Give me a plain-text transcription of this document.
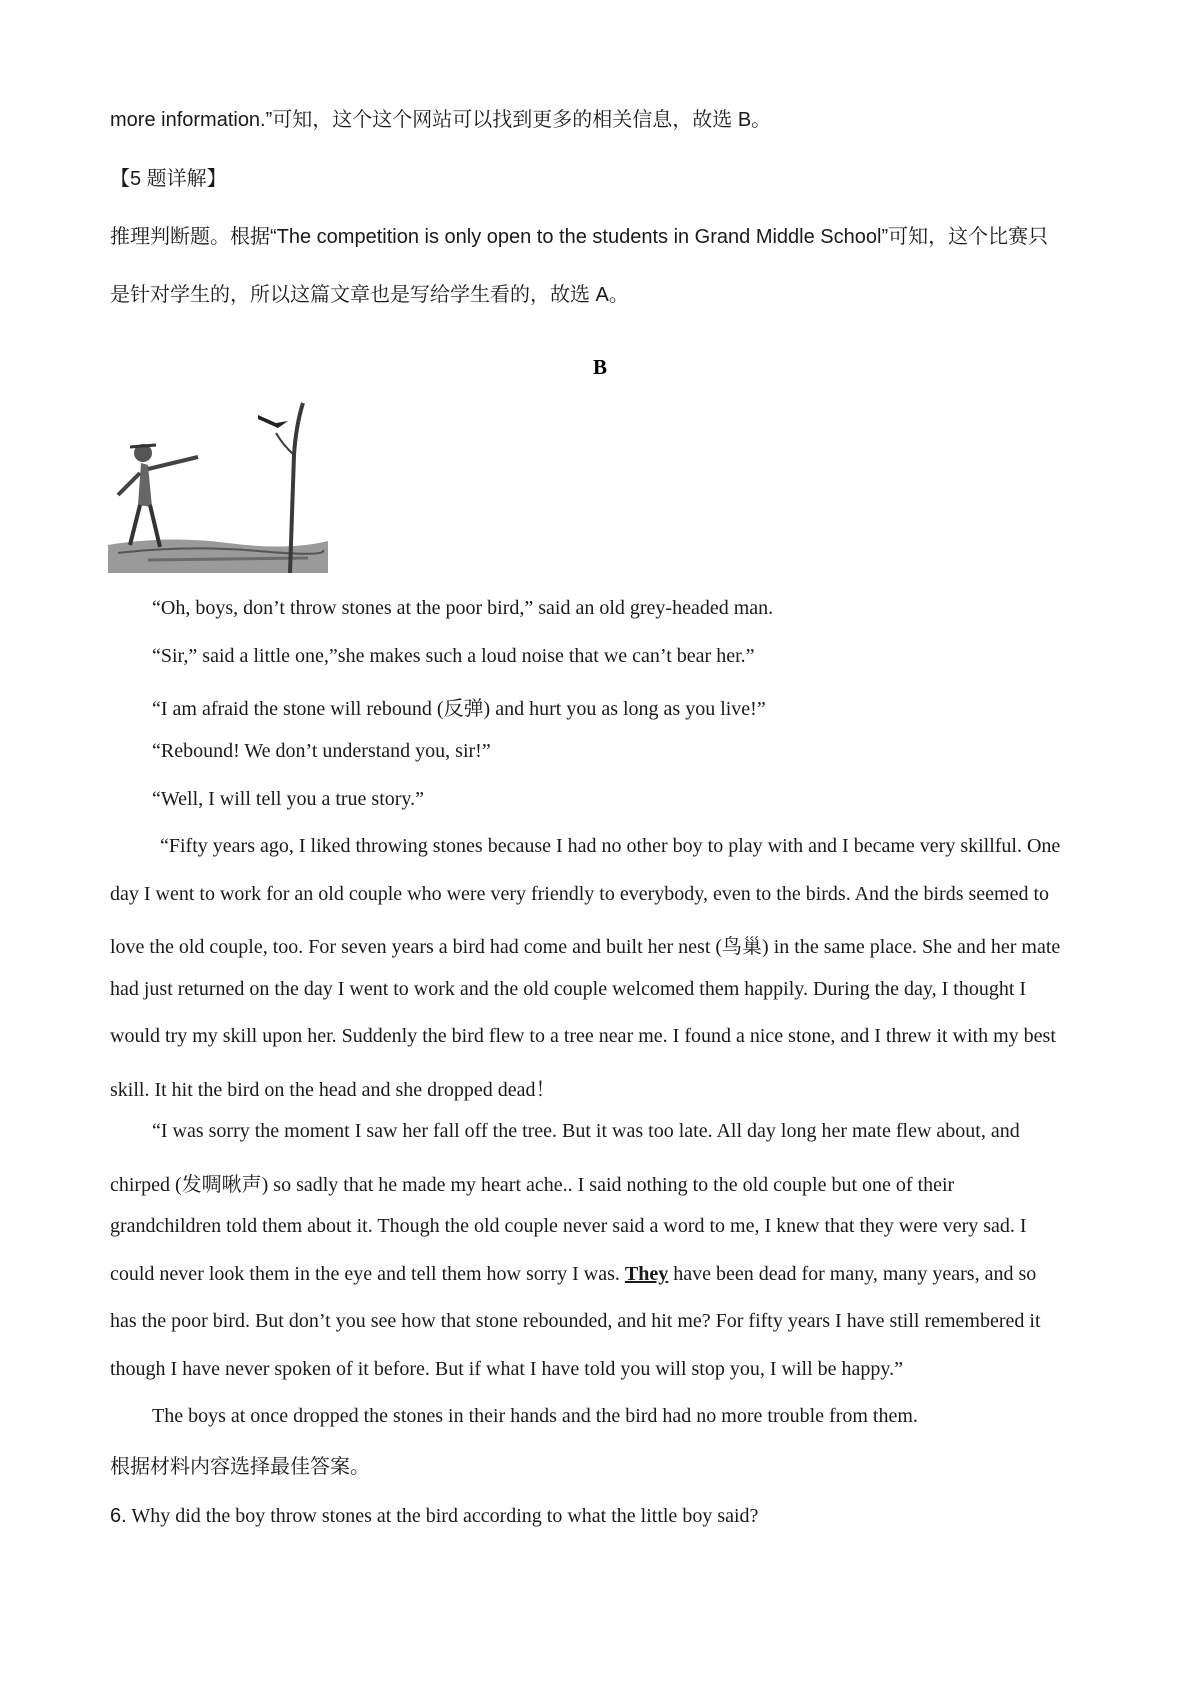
more information.”可知，这个这个网站可以找到更多的相关信息，故选 B。
【5 题详解】
推理判断题。根据“The competition is only open to the students in Grand Middle School”可知，这个比赛只
是针对学生的，所以这篇文章也是写给学生看的，故选 A。
B
“Oh, boys, don’t throw stones at the poor bird,” said an old grey-headed man.
“Sir,” said a little one,”she makes such a loud noise that we can’t bear her.”
“I am afraid the stone will rebound (反弹) and hurt you as long as you live!”
“Rebound! We don’t understand you, sir!”
“Well, I will tell you a true story.”
“Fifty years ago, I liked throwing stones because I had no other boy to play with and I became very skillful. One
day I went to work for an old couple who were very friendly to everybody, even to the birds. And the birds seemed to
love the old couple, too. For seven years a bird had come and built her nest (鸟巢) in the same place. She and her mate
had just returned on the day I went to work and the old couple welcomed them happily. During the day, I thought I
would try my skill upon her. Suddenly the bird flew to a tree near me. I found a nice stone, and I threw it with my best
skill. It hit the bird on the head and she dropped dead！
“I was sorry the moment I saw her fall off the tree. But it was too late. All day long her mate flew about, and
chirped (发啁啾声) so sadly that he made my heart ache.. I said nothing to the old couple but one of their
grandchildren told them about it. Though the old couple never said a word to me, I knew that they were very sad. I
could never look them in the eye and tell them how sorry I was. They have been dead for many, many years, and so
has the poor bird. But don’t you see how that stone rebounded, and hit me? For fifty years I have still remembered it
though I have never spoken of it before. But if what I have told you will stop you, I will be happy.”
The boys at once dropped the stones in their hands and the bird had no more trouble from them.
根据材料内容选择最佳答案。
6. Why did the boy throw stones at the bird according to what the little boy said?
